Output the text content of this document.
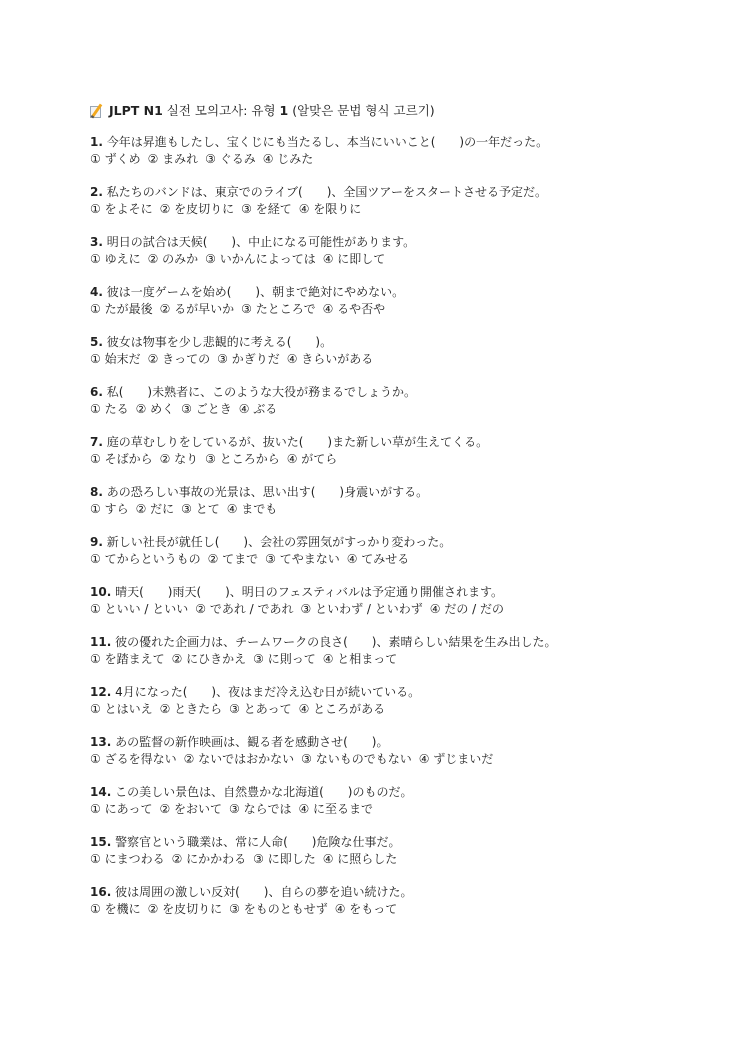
JLPT N1 실전 모의고사: 유형 1 (알맞은 문법 형식 고르기)
1. 今年は昇進もしたし、宝くじにも当たるし、本当にいいこと(　　)の一年だった。
① ずくめ ② まみれ ③ ぐるみ ④ じみた
2. 私たちのバンドは、東京でのライブ(　　)、全国ツアーをスタートさせる予定だ。
① をよそに ② を皮切りに ③ を経て ④ を限りに
3. 明日の試合は天候(　　)、中止になる可能性があります。
① ゆえに ② のみか ③ いかんによっては ④ に即して
4. 彼は一度ゲームを始め(　　)、朝まで絶対にやめない。
① たが最後 ② るが早いか ③ たところで ④ るや否や
5. 彼女は物事を少し悲観的に考える(　　)。
① 始末だ ② きっての ③ かぎりだ ④ きらいがある
6. 私(　　)未熟者に、このような大役が務まるでしょうか。
① たる ② めく ③ ごとき ④ ぶる
7. 庭の草むしりをしているが、抜いた(　　)また新しい草が生えてくる。
① そばから ② なり ③ ところから ④ がてら
8. あの恐ろしい事故の光景は、思い出す(　　)身震いがする。
① すら ② だに ③ とて ④ までも
9. 新しい社長が就任し(　　)、会社の雰囲気がすっかり変わった。
① てからというもの ② てまで ③ てやまない ④ てみせる
10. 晴天(　　)雨天(　　)、明日のフェスティバルは予定通り開催されます。
① といい / といい ② であれ / であれ ③ といわず / といわず ④ だの / だの
11. 彼の優れた企画力は、チームワークの良さ(　　)、素晴らしい結果を生み出した。
① を踏まえて ② にひきかえ ③ に則って ④ と相まって
12. 4月になった(　　)、夜はまだ冷え込む日が続いている。
① とはいえ ② ときたら ③ とあって ④ ところがある
13. あの監督の新作映画は、観る者を感動させ(　　)。
① ざるを得ない ② ないではおかない ③ ないものでもない ④ ずじまいだ
14. この美しい景色は、自然豊かな北海道(　　)のものだ。
① にあって ② をおいて ③ ならでは ④ に至るまで
15. 警察官という職業は、常に人命(　　)危険な仕事だ。
① にまつわる ② にかかわる ③ に即した ④ に照らした
16. 彼は周囲の激しい反対(　　)、自らの夢を追い続けた。
① を機に ② を皮切りに ③ をものともせず ④ をもって
